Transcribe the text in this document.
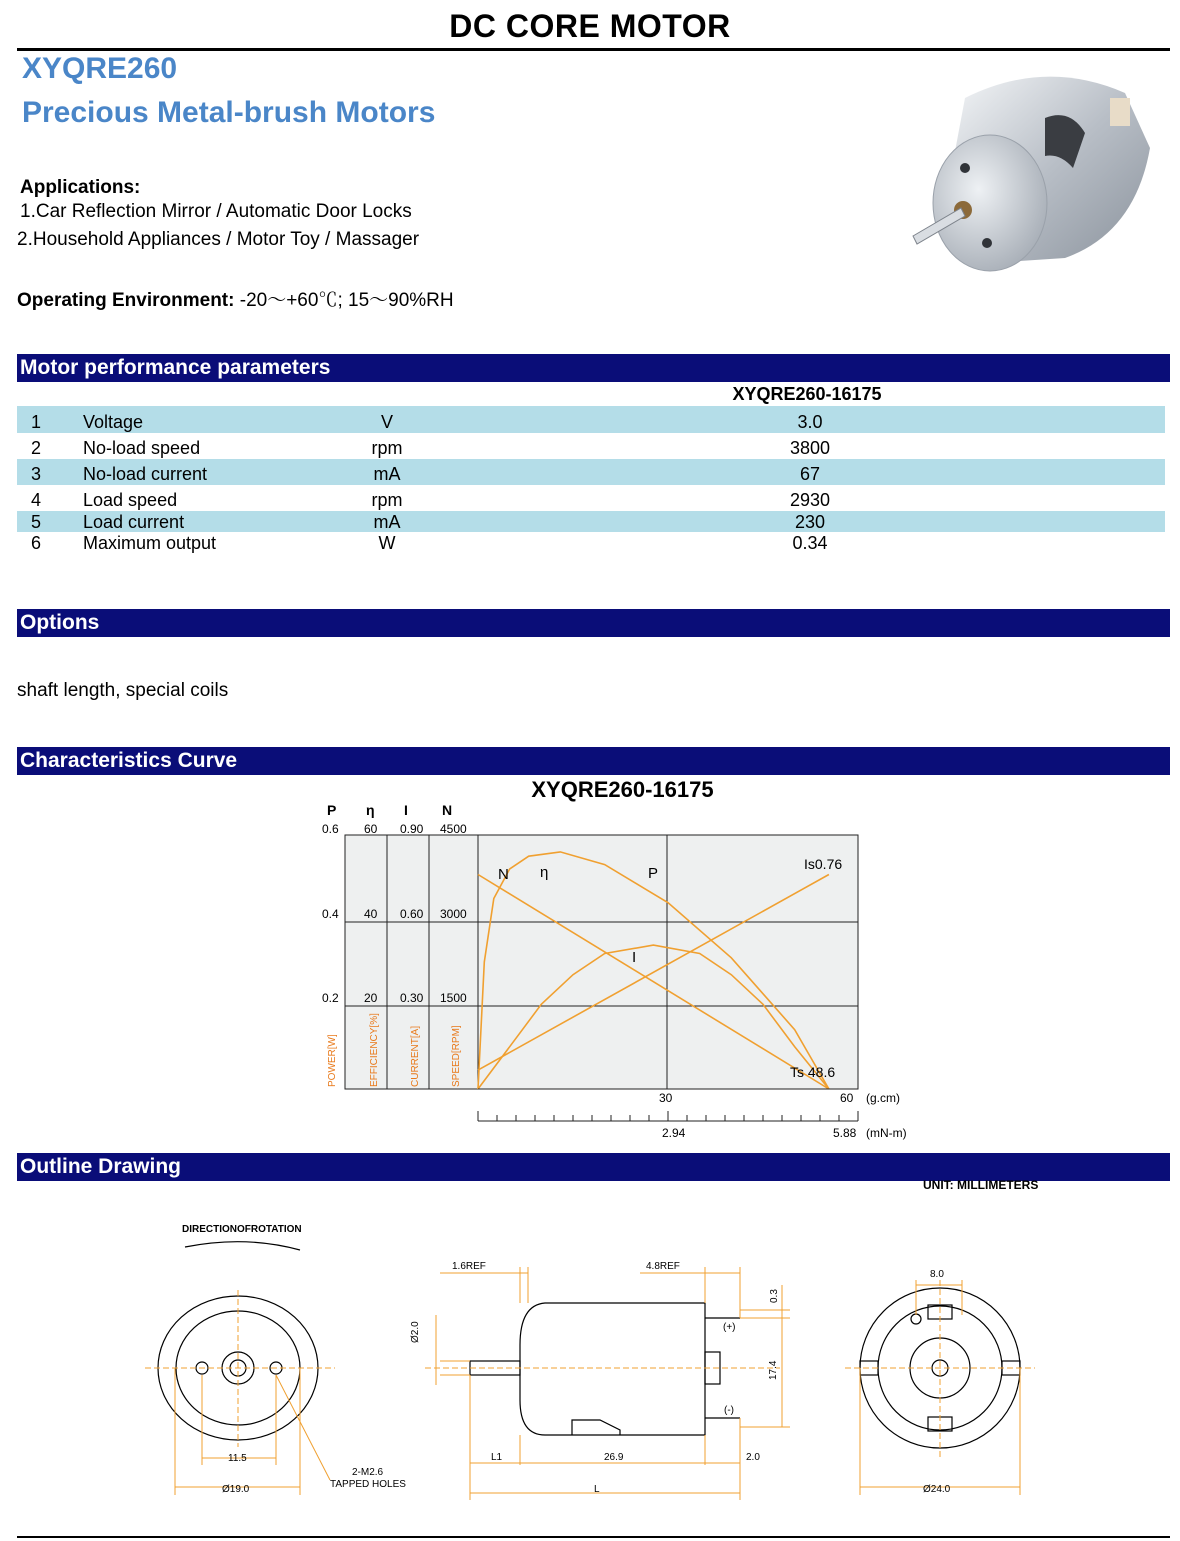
DC CORE MOTOR
XYQRE260
Precious Metal-brush Motors
Applications:
1.Car Reflection Mirror / Automatic Door Locks
2.Household Appliances / Motor Toy / Massager
Operating Environment: -20～+60℃; 15～90%RH
Motor performance parameters
XYQRE260-16175
1	Voltage	V	3.0
2	No-load speed	rpm	3800
3	No-load current	mA	67
4	Load speed	rpm	2930
5	Load current	mA	230
6	Maximum output	W	0.34
Options
shaft length, special coils
Characteristics Curve
XYQRE260-16175
0.6
0.4
0.2
60
40
20
0.90
0.60
0.30
4500
3000
1500
P η I N
POWER[W]	EFFICIENCY[%]	CURRENT[A]	SPEED[RPM]
N
I
η	P
Is0.76
Ts 48.6
30	60 (g.cm)
2.94	5.88 (mN-m)
Outline Drawing
UNIT: MILLIMETERS
DIRECTIONOFROTATION
11.5
Ø19.0
2-M2.6
TAPPED HOLES
1.6REF	4.8REF
Ø2.0
0.3
(+)
(-)
17.4
L1	26.9	2.0
L
8.0
Ø24.0
